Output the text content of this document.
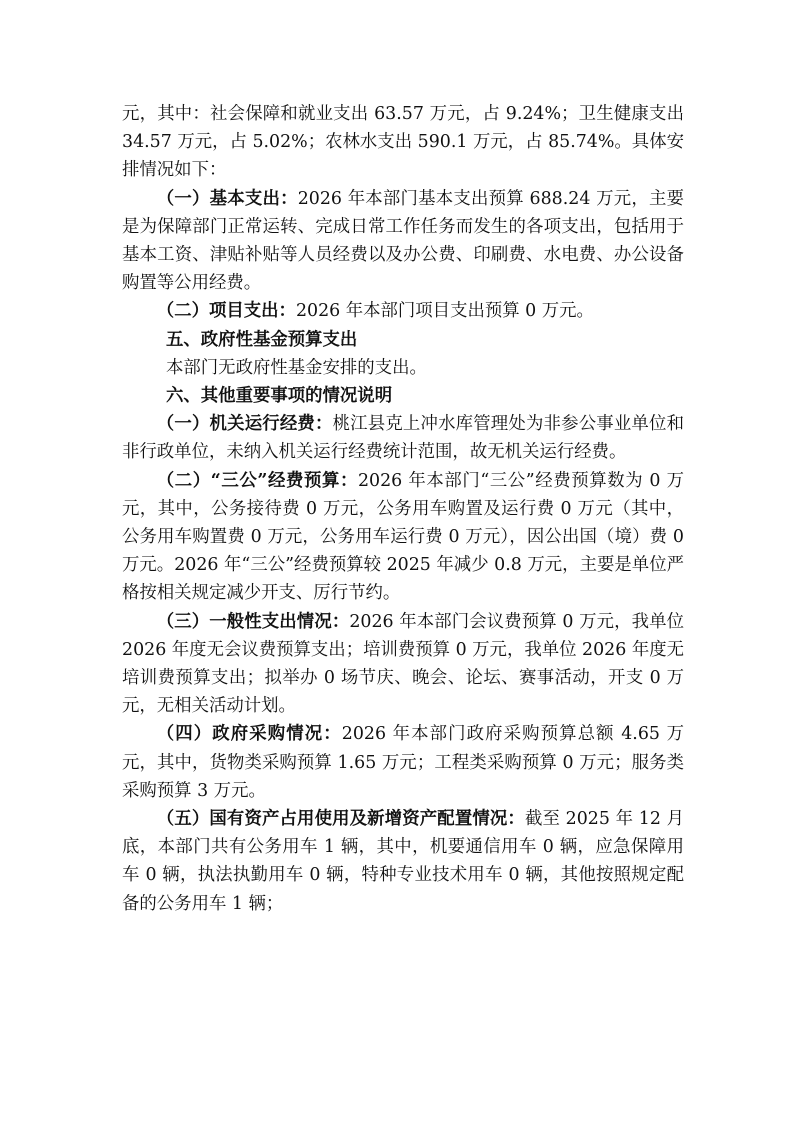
元，其中：社会保障和就业支出 63.57 万元，占 9.24%；卫生健康支出 34.57 万元，占 5.02%；农林水支出 590.1 万元，占 85.74%。具体安排情况如下：

（一）基本支出：2026 年本部门基本支出预算 688.24 万元，主要是为保障部门正常运转、完成日常工作任务而发生的各项支出，包括用于基本工资、津贴补贴等人员经费以及办公费、印刷费、水电费、办公设备购置等公用经费。

（二）项目支出：2026 年本部门项目支出预算 0 万元。

五、政府性基金预算支出

本部门无政府性基金安排的支出。

六、其他重要事项的情况说明

（一）机关运行经费：桃江县克上冲水库管理处为非参公事业单位和非行政单位，未纳入机关运行经费统计范围，故无机关运行经费。

（二）“三公”经费预算：2026 年本部门“三公”经费预算数为 0 万元，其中，公务接待费 0 万元，公务用车购置及运行费 0 万元（其中，公务用车购置费 0 万元，公务用车运行费 0 万元），因公出国（境）费 0 万元。2026 年“三公”经费预算较 2025 年减少 0.8 万元，主要是单位严格按相关规定减少开支、厉行节约。

（三）一般性支出情况：2026 年本部门会议费预算 0 万元，我单位 2026 年度无会议费预算支出；培训费预算 0 万元，我单位 2026 年度无培训费预算支出；拟举办 0 场节庆、晚会、论坛、赛事活动，开支 0 万元，无相关活动计划。

（四）政府采购情况：2026 年本部门政府采购预算总额 4.65 万元，其中，货物类采购预算 1.65 万元；工程类采购预算 0 万元；服务类采购预算 3 万元。

（五）国有资产占用使用及新增资产配置情况：截至 2025 年 12 月底，本部门共有公务用车 1 辆，其中，机要通信用车 0 辆，应急保障用车 0 辆，执法执勤用车 0 辆，特种专业技术用车 0 辆，其他按照规定配备的公务用车 1 辆；
